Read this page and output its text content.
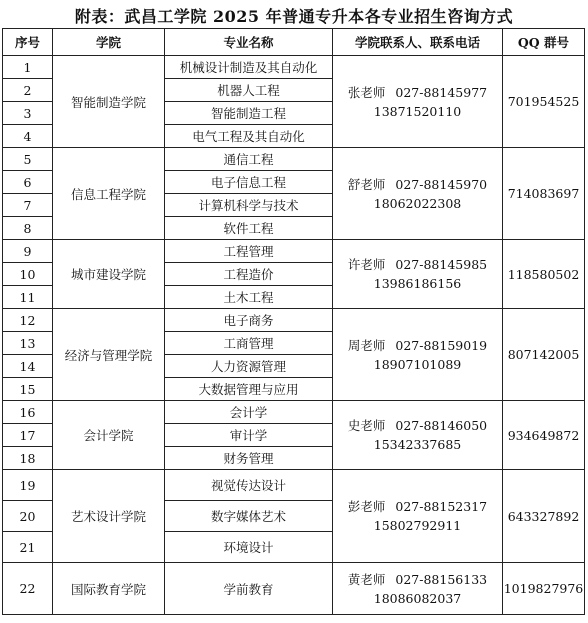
附表：武昌工学院 2025 年普通专升本各专业招生咨询方式
序号	学院	专业名称	学院联系人、联系电话	QQ 群号
1	智能制造学院	机械设计制造及其自动化	张老师 027-88145977
13871520110	701954525
2		机器人工程		
3		智能制造工程		
4		电气工程及其自动化		
5	信息工程学院	通信工程	舒老师 027-88145970
18062022308	714083697
6		电子信息工程		
7		计算机科学与技术		
8		软件工程		
9	城市建设学院	工程管理	许老师 027-88145985
13986186156	118580502
10		工程造价		
11		土木工程		
12	经济与管理学院	电子商务	周老师 027-88159019
18907101089	807142005
13		工商管理		
14		人力资源管理		
15		大数据管理与应用		
16	会计学院	会计学	史老师 027-88146050
15342337685	934649872
17		审计学		
18		财务管理		
19	艺术设计学院	视觉传达设计	彭老师 027-88152317
15802792911	643327892
20		数字媒体艺术		
21		环境设计		
22	国际教育学院	学前教育	黄老师 027-88156133
18086082037	1019827976
